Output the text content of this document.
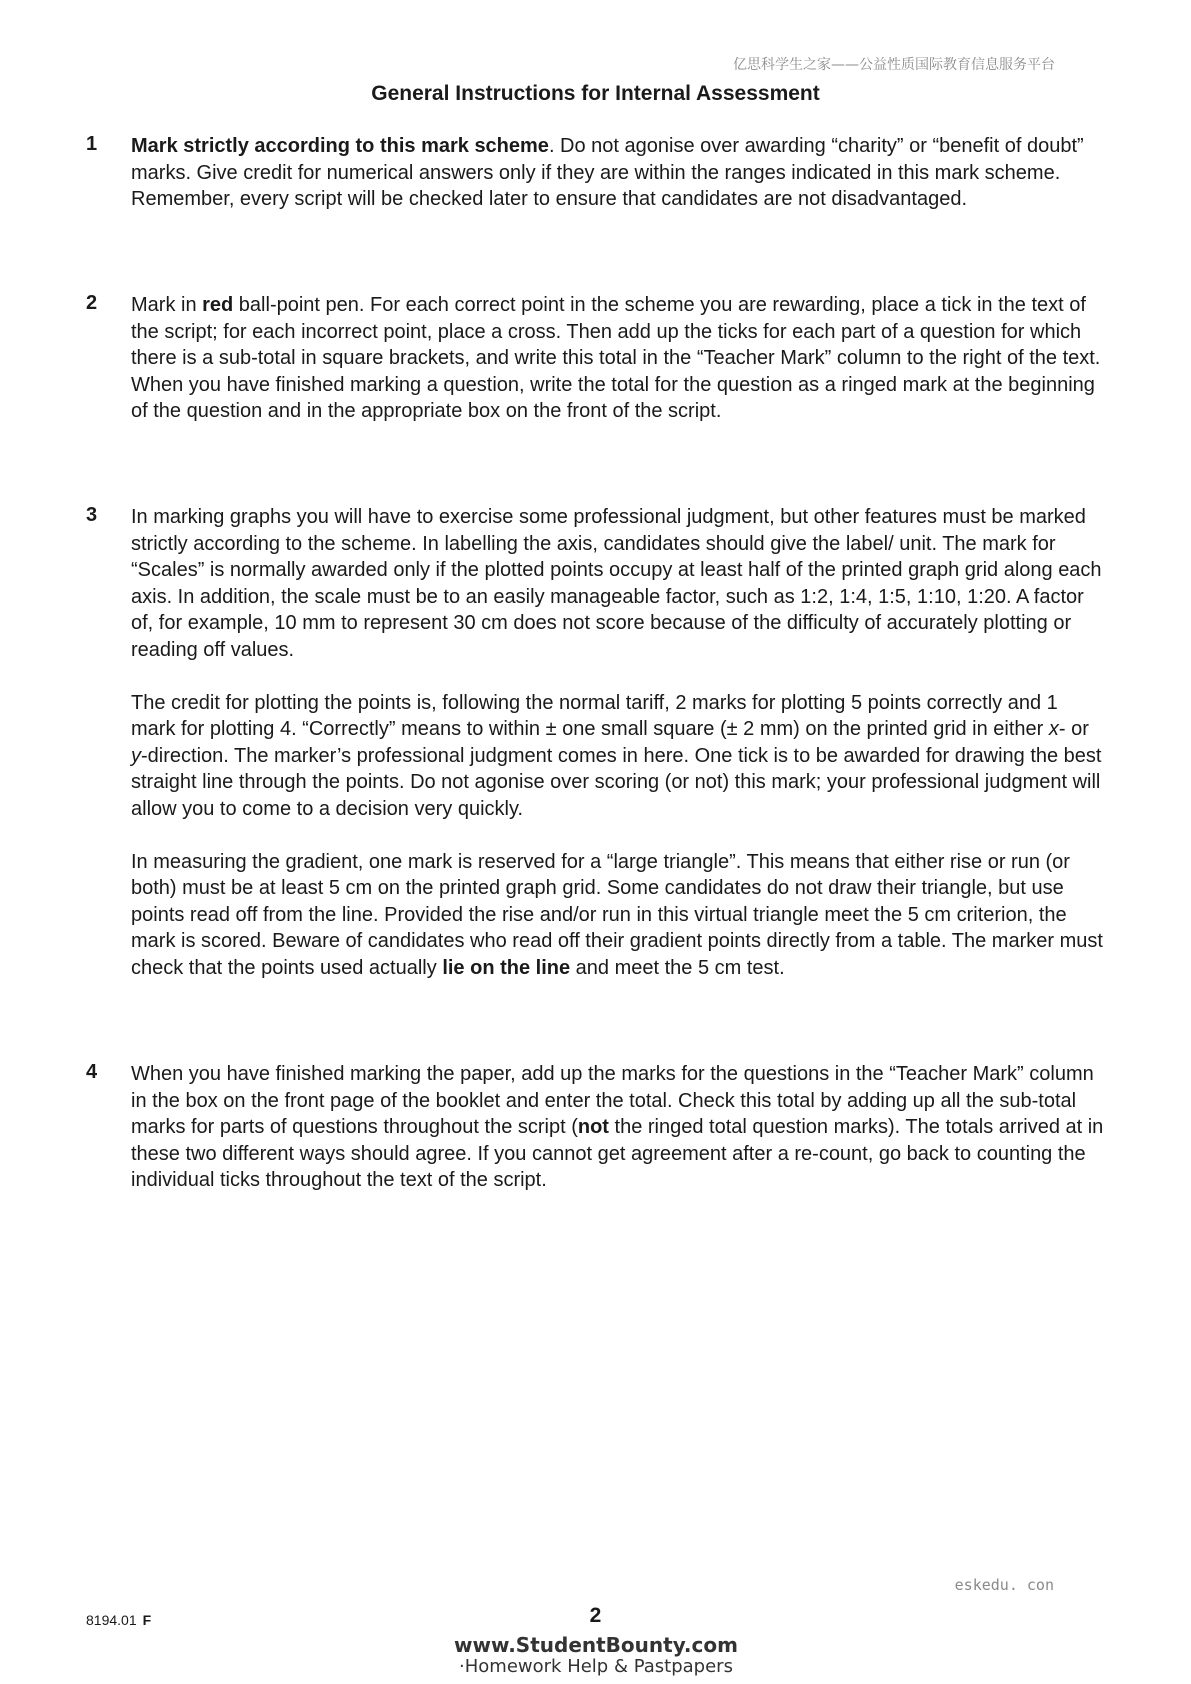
亿思科学生之家——公益性质国际教育信息服务平台
General Instructions for Internal Assessment
1 Mark strictly according to this mark scheme. Do not agonise over awarding “charity” or “benefit of doubt” marks. Give credit for numerical answers only if they are within the ranges indicated in this mark scheme. Remember, every script will be checked later to ensure that candidates are not disadvantaged.

2 Mark in red ball-point pen. For each correct point in the scheme you are rewarding, place a tick in the text of the script; for each incorrect point, place a cross. Then add up the ticks for each part of a question for which there is a sub-total in square brackets, and write this total in the “Teacher Mark” column to the right of the text. When you have finished marking a question, write the total for the question as a ringed mark at the beginning of the question and in the appropriate box on the front of the script.

3 In marking graphs you will have to exercise some professional judgment, but other features must be marked strictly according to the scheme. In labelling the axis, candidates should give the label/ unit. The mark for “Scales” is normally awarded only if the plotted points occupy at least half of the printed graph grid along each axis. In addition, the scale must be to an easily manageable factor, such as 1:2, 1:4, 1:5, 1:10, 1:20. A factor of, for example, 10 mm to represent 30 cm does not score because of the difficulty of accurately plotting or reading off values.

The credit for plotting the points is, following the normal tariff, 2 marks for plotting 5 points correctly and 1 mark for plotting 4. “Correctly” means to within ± one small square (± 2 mm) on the printed grid in either x- or y-direction. The marker’s professional judgment comes in here. One tick is to be awarded for drawing the best straight line through the points. Do not agonise over scoring (or not) this mark; your professional judgment will allow you to come to a decision very quickly.

In measuring the gradient, one mark is reserved for a “large triangle”. This means that either rise or run (or both) must be at least 5 cm on the printed graph grid. Some candidates do not draw their triangle, but use points read off from the line. Provided the rise and/or run in this virtual triangle meet the 5 cm criterion, the mark is scored. Beware of candidates who read off their gradient points directly from a table. The marker must check that the points used actually lie on the line and meet the 5 cm test.

4 When you have finished marking the paper, add up the marks for the questions in the “Teacher Mark” column in the box on the front page of the booklet and enter the total. Check this total by adding up all the sub-total marks for parts of questions throughout the script (not the ringed total question marks). The totals arrived at in these two different ways should agree. If you cannot get agreement after a re-count, go back to counting the individual ticks throughout the text of the script.

eskedu. con
8194.01 F	2
www.StudentBounty.com
·Homework Help & Pastpapers
